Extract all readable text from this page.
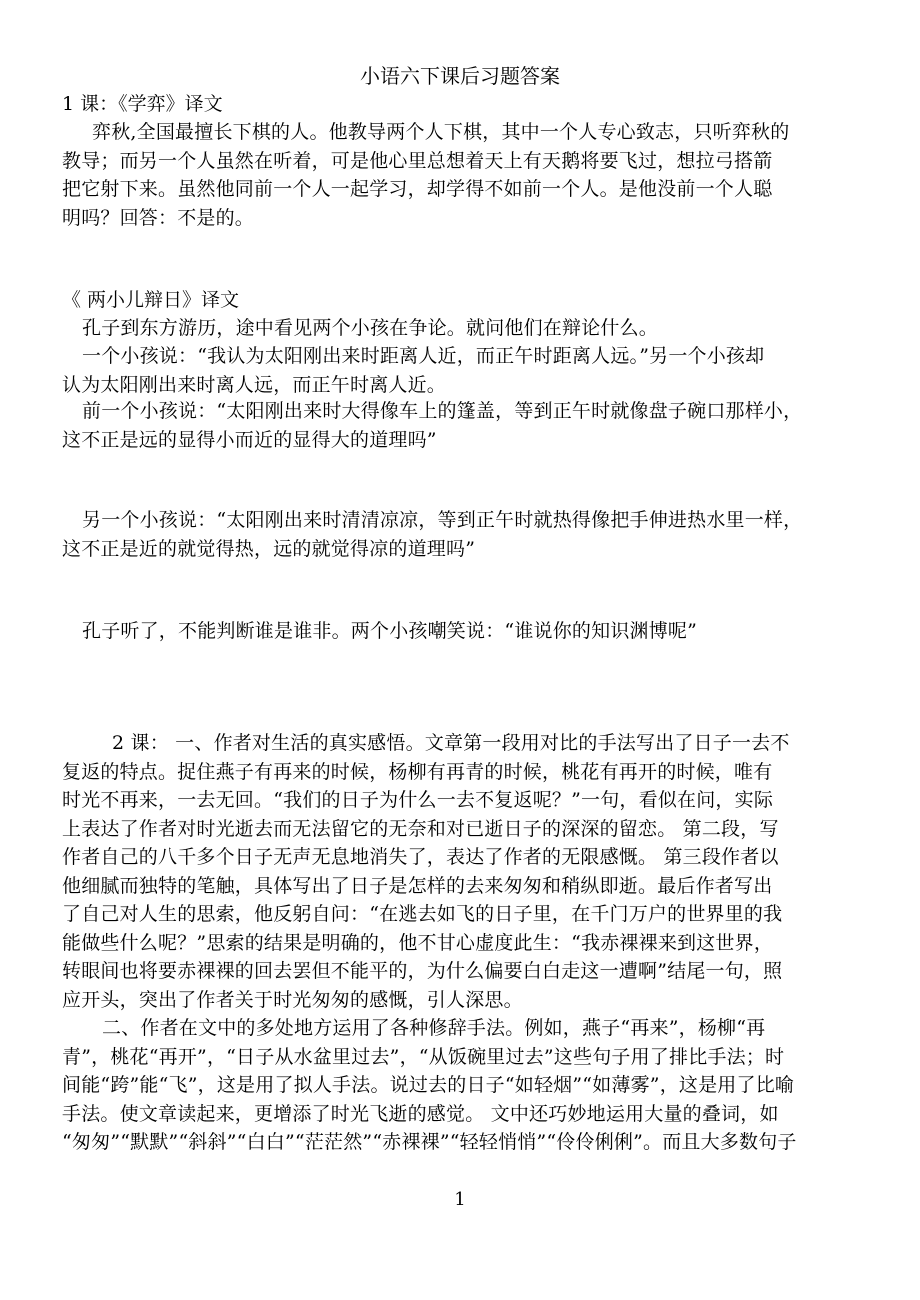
小语六下课后习题答案
1 课：《学弈》译文
弈秋,全国最擅长下棋的人。他教导两个人下棋，其中一个人专心致志，只听弈秋的
教导；而另一个人虽然在听着，可是他心里总想着天上有天鹅将要飞过，想拉弓搭箭
把它射下来。虽然他同前一个人一起学习，却学得不如前一个人。是他没前一个人聪
明吗？回答：不是的。
《 两小儿辩日》译文
孔子到东方游历，途中看见两个小孩在争论。就问他们在辩论什么。
一个小孩说：“我认为太阳刚出来时距离人近，而正午时距离人远。”另一个小孩却
认为太阳刚出来时离人远，而正午时离人近。
前一个小孩说：“太阳刚出来时大得像车上的篷盖，等到正午时就像盘子碗口那样小，
这不正是远的显得小而近的显得大的道理吗”
另一个小孩说：“太阳刚出来时清清凉凉，等到正午时就热得像把手伸进热水里一样，
这不正是近的就觉得热，远的就觉得凉的道理吗”
孔子听了，不能判断谁是谁非。两个小孩嘲笑说：“谁说你的知识渊博呢”
2 课： 一、作者对生活的真实感悟。文章第一段用对比的手法写出了日子一去不
复返的特点。捉住燕子有再来的时候，杨柳有再青的时候，桃花有再开的时候，唯有
时光不再来，一去无回。“我们的日子为什么一去不复返呢？”一句，看似在问，实际
上表达了作者对时光逝去而无法留它的无奈和对已逝日子的深深的留恋。 第二段，写
作者自己的八千多个日子无声无息地消失了，表达了作者的无限感慨。 第三段作者以
他细腻而独特的笔触，具体写出了日子是怎样的去来匆匆和稍纵即逝。最后作者写出
了自己对人生的思索，他反躬自问：“在逃去如飞的日子里，在千门万户的世界里的我
能做些什么呢？”思索的结果是明确的，他不甘心虚度此生：“我赤裸裸来到这世界，
转眼间也将要赤裸裸的回去罢但不能平的，为什么偏要白白走这一遭啊”结尾一句，照
应开头，突出了作者关于时光匆匆的感慨，引人深思。
二、作者在文中的多处地方运用了各种修辞手法。例如，燕子“再来”，杨柳“再
青”，桃花“再开”，“日子从水盆里过去”，“从饭碗里过去”这些句子用了排比手法；时
间能“跨”能“飞”，这是用了拟人手法。说过去的日子“如轻烟”“如薄雾”，这是用了比喻
手法。使文章读起来，更增添了时光飞逝的感觉。 文中还巧妙地运用大量的叠词，如
“匆匆”“默默”“斜斜”“白白”“茫茫然”“赤裸裸”“轻轻悄悄”“伶伶俐俐”。而且大多数句子
1
